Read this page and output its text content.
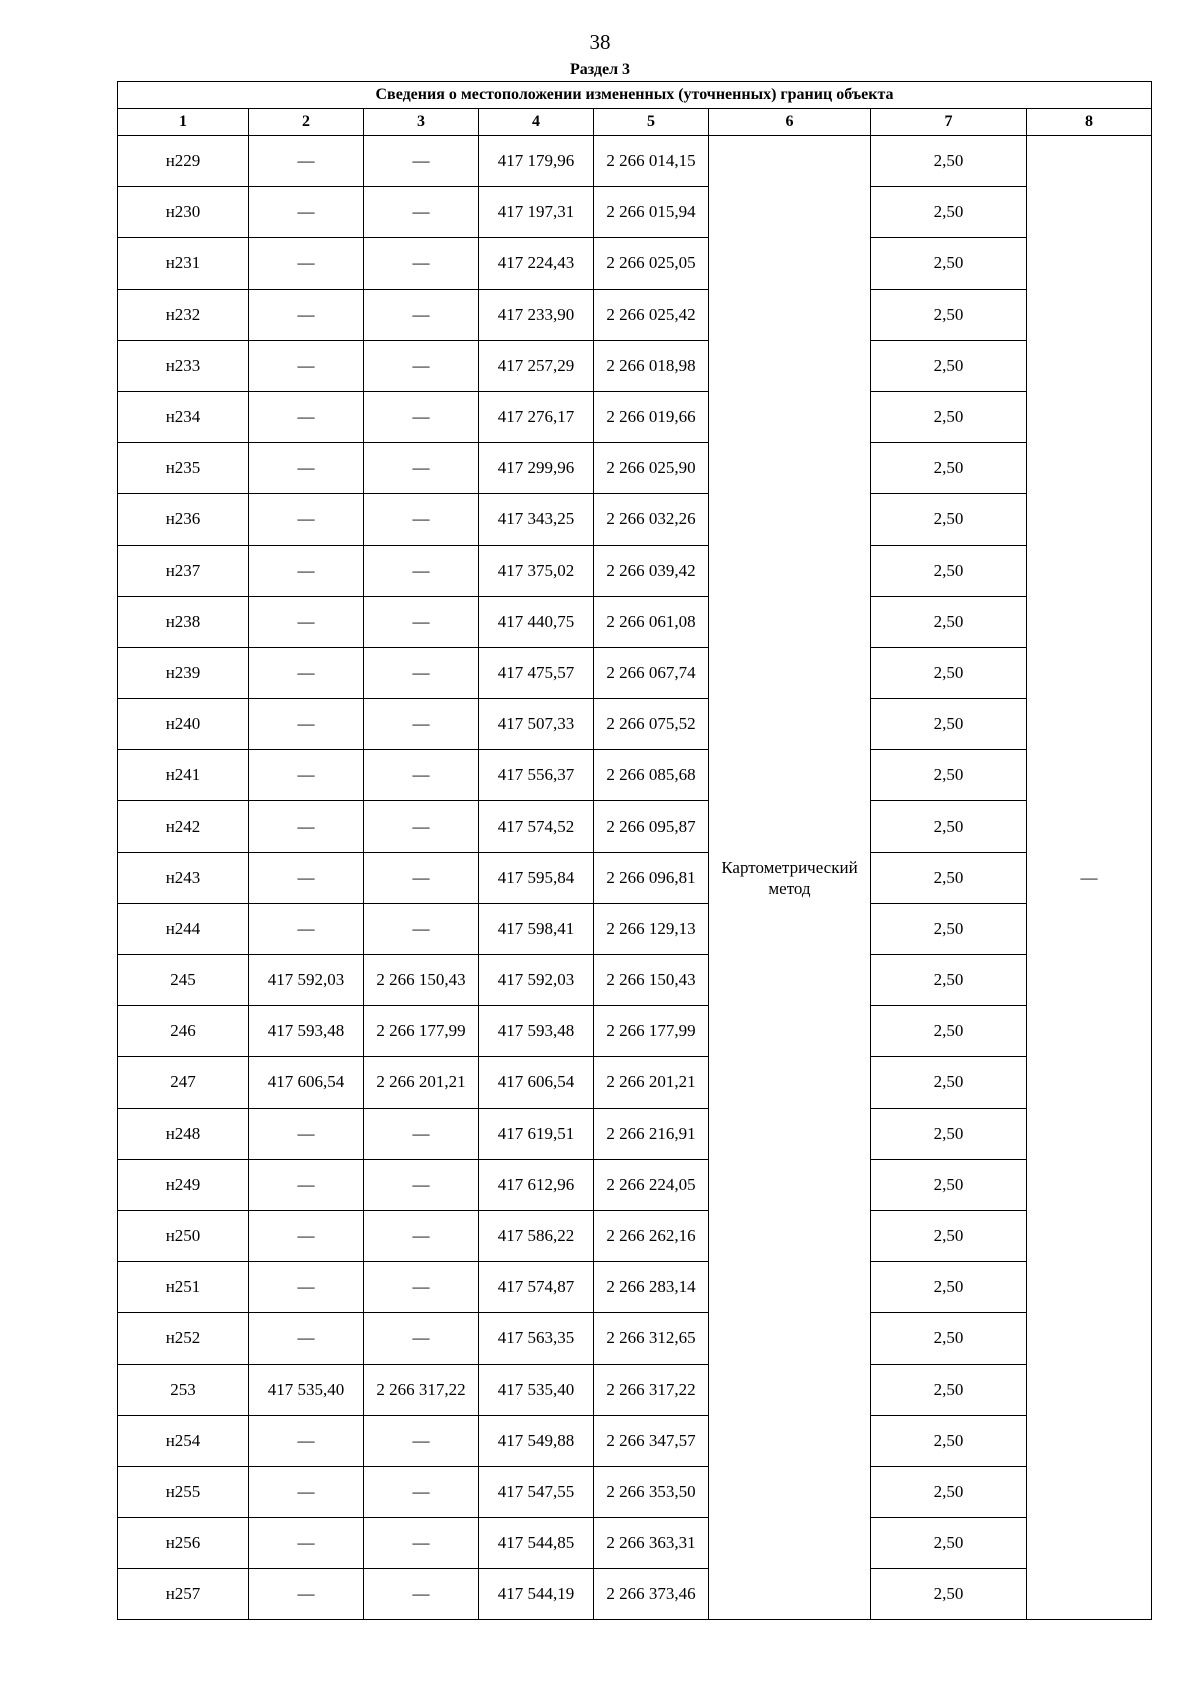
38
Раздел 3
Сведения о местоположении измененных (уточненных) границ объекта							
1	2	3	4	5	6	7	8
н229	—	—	417 179,96	2 266 014,15	Картометрический метод	2,50	—
н230	—	—	417 197,31	2 266 015,94		2,50	
н231	—	—	417 224,43	2 266 025,05		2,50	
н232	—	—	417 233,90	2 266 025,42		2,50	
н233	—	—	417 257,29	2 266 018,98		2,50	
н234	—	—	417 276,17	2 266 019,66		2,50	
н235	—	—	417 299,96	2 266 025,90		2,50	
н236	—	—	417 343,25	2 266 032,26		2,50	
н237	—	—	417 375,02	2 266 039,42		2,50	
н238	—	—	417 440,75	2 266 061,08		2,50	
н239	—	—	417 475,57	2 266 067,74		2,50	
н240	—	—	417 507,33	2 266 075,52		2,50	
н241	—	—	417 556,37	2 266 085,68		2,50	
н242	—	—	417 574,52	2 266 095,87		2,50	
н243	—	—	417 595,84	2 266 096,81		2,50	
н244	—	—	417 598,41	2 266 129,13		2,50	
245	417 592,03	2 266 150,43	417 592,03	2 266 150,43		2,50	
246	417 593,48	2 266 177,99	417 593,48	2 266 177,99		2,50	
247	417 606,54	2 266 201,21	417 606,54	2 266 201,21		2,50	
н248	—	—	417 619,51	2 266 216,91		2,50	
н249	—	—	417 612,96	2 266 224,05		2,50	
н250	—	—	417 586,22	2 266 262,16		2,50	
н251	—	—	417 574,87	2 266 283,14		2,50	
н252	—	—	417 563,35	2 266 312,65		2,50	
253	417 535,40	2 266 317,22	417 535,40	2 266 317,22		2,50	
н254	—	—	417 549,88	2 266 347,57		2,50	
н255	—	—	417 547,55	2 266 353,50		2,50	
н256	—	—	417 544,85	2 266 363,31		2,50	
н257	—	—	417 544,19	2 266 373,46		2,50	
